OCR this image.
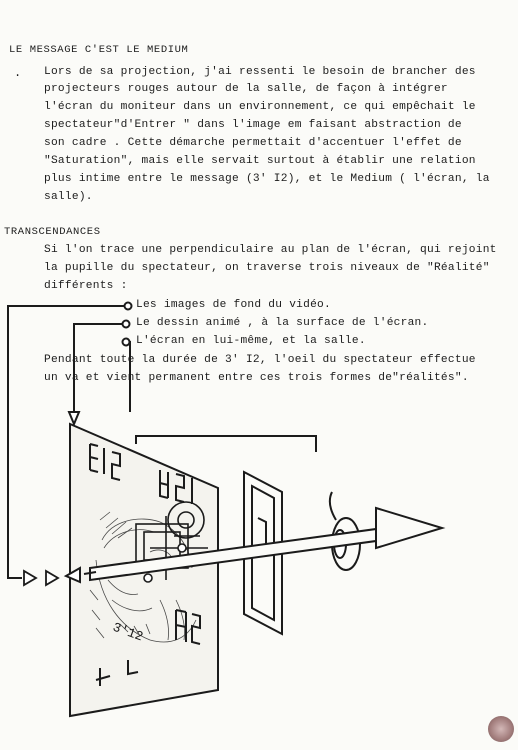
LE MESSAGE C'EST LE MEDIUM
. Lors de sa projection, j'ai ressenti le besoin de brancher des
projecteurs rouges autour de la salle, de façon à intégrer
l'écran du moniteur dans un environnement, ce qui empêchait le
spectateur"d'Entrer " dans l'image em faisant abstraction de
son cadre . Cette démarche permettait d'accentuer l'effet de
"Saturation", mais elle servait surtout à établir une relation
plus intime entre le message (3' I2), et le Medium ( l'écran, la
salle).
TRANSCENDANCES
Si l'on trace une perpendiculaire au plan de l'écran, qui rejoint
la pupille du spectateur, on traverse trois niveaux de "Réalité"
différents :
Les images de fond du vidéo.
Le dessin animé , à la surface de l'écran.
L'écran en lui-même, et la salle.
Pendant toute la durée de 3' I2, l'oeil du spectateur effectue
un va et vient permanent entre ces trois formes de"réalités".
3'12
